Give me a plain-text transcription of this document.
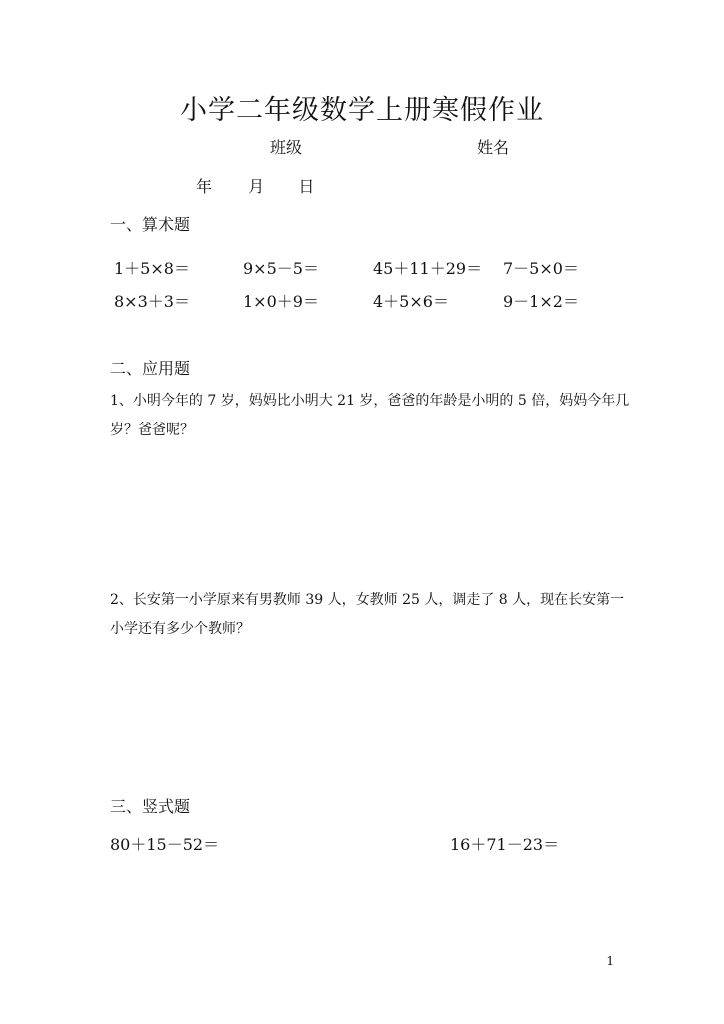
小学二年级数学上册寒假作业
班级	姓名
年 月 日
一、算术题
1＋5×8＝	9×5－5＝	45＋11＋29＝ 7－5×0＝
8×3＋3＝	1×0＋9＝	4＋5×6＝	9－1×2＝
二、应用题
1、小明今年的 7 岁，妈妈比小明大 21 岁，爸爸的年龄是小明的 5 倍，妈妈今年几岁？爸爸呢？
2、长安第一小学原来有男教师 39 人，女教师 25 人，调走了 8 人，现在长安第一小学还有多少个教师？
三、竖式题
80＋15－52＝	16＋71－23＝
1
